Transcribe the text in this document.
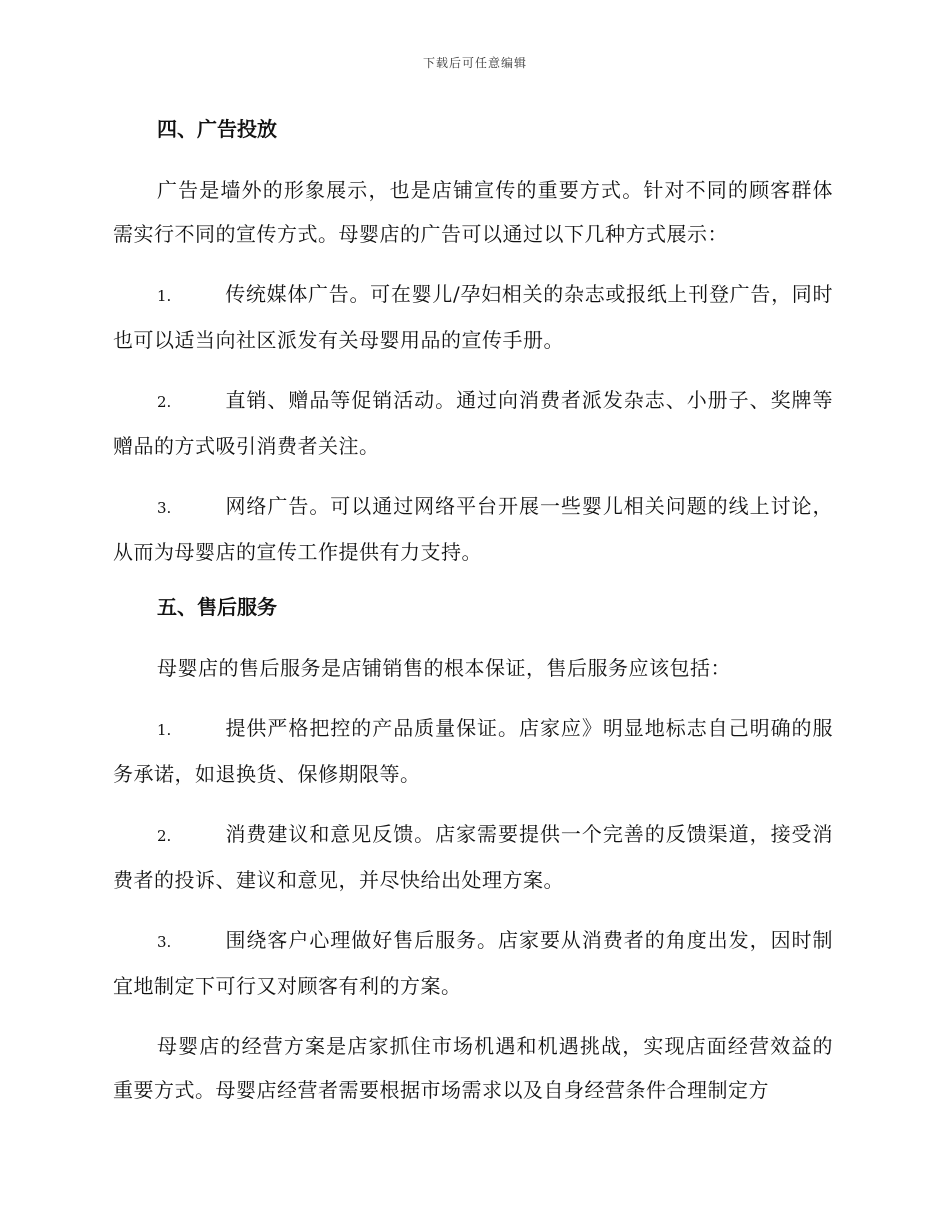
下载后可任意编辑
四、广告投放

广告是墙外的形象展示，也是店铺宣传的重要方式。针对不同的顾客群体需实行不同的宣传方式。母婴店的广告可以通过以下几种方式展示：

1.	传统媒体广告。可在婴儿/孕妇相关的杂志或报纸上刊登广告，同时也可以适当向社区派发有关母婴用品的宣传手册。

2.	直销、赠品等促销活动。通过向消费者派发杂志、小册子、奖牌等赠品的方式吸引消费者关注。

3.	网络广告。可以通过网络平台开展一些婴儿相关问题的线上讨论，从而为母婴店的宣传工作提供有力支持。

五、售后服务

母婴店的售后服务是店铺销售的根本保证，售后服务应该包括：

1.	提供严格把控的产品质量保证。店家应》明显地标志自己明确的服务承诺，如退换货、保修期限等。

2.	消费建议和意见反馈。店家需要提供一个完善的反馈渠道，接受消费者的投诉、建议和意见，并尽快给出处理方案。

3.	围绕客户心理做好售后服务。店家要从消费者的角度出发，因时制宜地制定下可行又对顾客有利的方案。

母婴店的经营方案是店家抓住市场机遇和机遇挑战，实现店面经营效益的重要方式。母婴店经营者需要根据市场需求以及自身经营条件合理制定方
